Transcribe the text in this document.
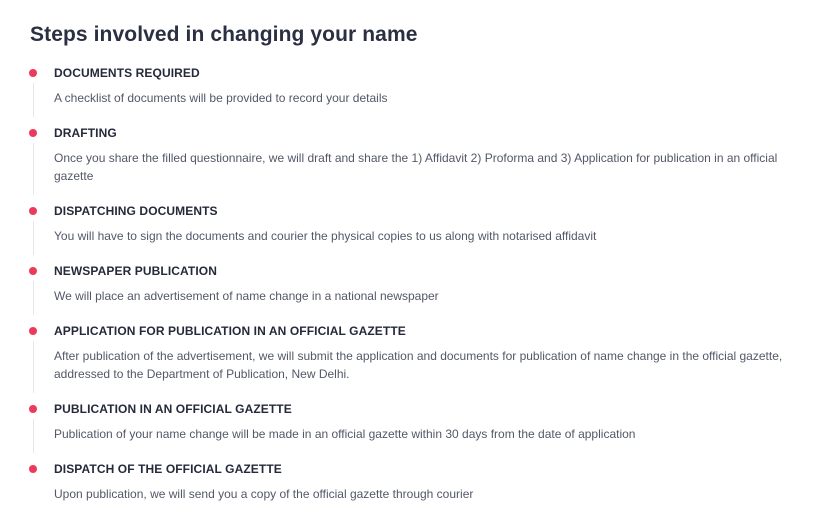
Steps involved in changing your name
DOCUMENTS REQUIRED
A checklist of documents will be provided to record your details
DRAFTING
Once you share the filled questionnaire, we will draft and share the 1) Affidavit 2) Proforma and 3) Application for publication in an official gazette
DISPATCHING DOCUMENTS
You will have to sign the documents and courier the physical copies to us along with notarised affidavit
NEWSPAPER PUBLICATION
We will place an advertisement of name change in a national newspaper
APPLICATION FOR PUBLICATION IN AN OFFICIAL GAZETTE
After publication of the advertisement, we will submit the application and documents for publication of name change in the official gazette, addressed to the Department of Publication, New Delhi.
PUBLICATION IN AN OFFICIAL GAZETTE
Publication of your name change will be made in an official gazette within 30 days from the date of application
DISPATCH OF THE OFFICIAL GAZETTE
Upon publication, we will send you a copy of the official gazette through courier
